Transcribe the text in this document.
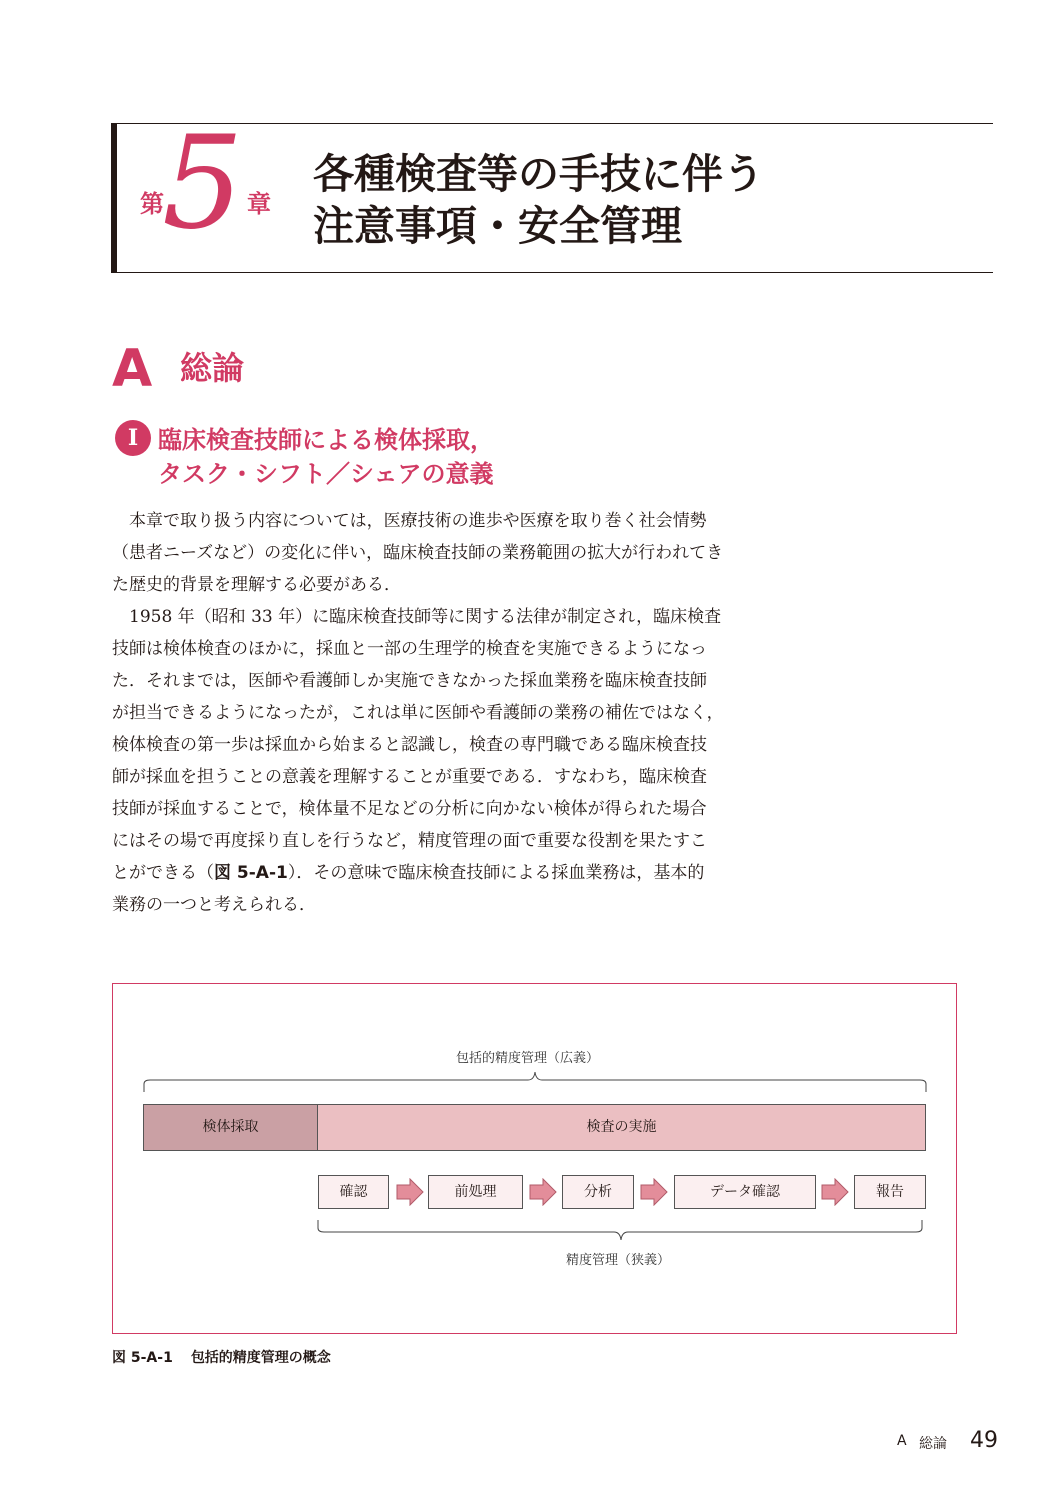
第
5 章
各種検査等の手技に伴う
注意事項・安全管理
A 総論
I 臨床検査技師による検体採取，
タスク・シフト／シェアの意義
　本章で取り扱う内容については，医療技術の進歩や医療を取り巻く社会情勢
（患者ニーズなど）の変化に伴い，臨床検査技師の業務範囲の拡大が行われてき
た歴史的背景を理解する必要がある．
　1958 年（昭和 33 年）に臨床検査技師等に関する法律が制定され，臨床検査
技師は検体検査のほかに，採血と一部の生理学的検査を実施できるようになっ
た．それまでは，医師や看護師しか実施できなかった採血業務を臨床検査技師
が担当できるようになったが，これは単に医師や看護師の業務の補佐ではなく，
検体検査の第一歩は採血から始まると認識し，検査の専門職である臨床検査技
師が採血を担うことの意義を理解することが重要である．すなわち，臨床検査
技師が採血することで，検体量不足などの分析に向かない検体が得られた場合
にはその場で再度採り直しを行うなど，精度管理の面で重要な役割を果たすこ
とができる（図 5-A-1）．その意味で臨床検査技師による採血業務は，基本的
業務の一つと考えられる．
包括的精度管理（広義）
検体採取	検査の実施
確認	前処理	分析	データ確認	報告
精度管理（狭義）
図 5-A-1 包括的精度管理の概念
A 総論 49
